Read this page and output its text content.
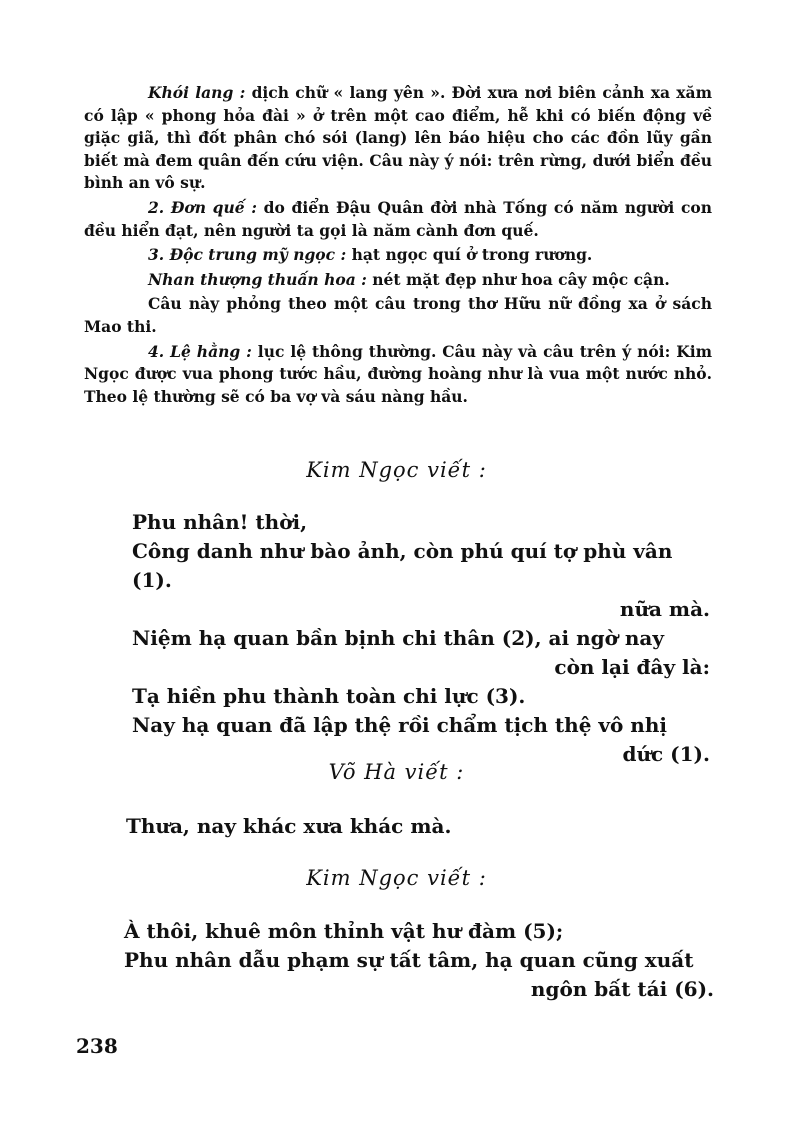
Khói lang : dịch chữ « lang yên ». Đời xưa nơi biên cảnh xa xăm có lập « phong hỏa đài » ở trên một cao điểm, hễ khi có biến động về giặc giã, thì đốt phân chó sói (lang) lên báo hiệu cho các đồn lũy gần biết mà đem quân đến cứu viện. Câu này ý nói: trên rừng, dưới biển đều bình an vô sự.

2. Đơn quế : do điển Đậu Quân đời nhà Tống có năm người con đều hiển đạt, nên người ta gọi là năm cành đơn quế.

3. Độc trung mỹ ngọc : hạt ngọc quí ở trong rương.

Nhan thượng thuấn hoa : nét mặt đẹp như hoa cây mộc cận.

Câu này phỏng theo một câu trong thơ Hữu nữ đồng xa ở sách Mao thi.

4. Lệ hằng : lục lệ thông thường. Câu này và câu trên ý nói: Kim Ngọc được vua phong tước hầu, đường hoàng như là vua một nước nhỏ. Theo lệ thường sẽ có ba vợ và sáu nàng hầu.

Kim Ngọc viết :

Phu nhân! thời,

Công danh như bào ảnh, còn phú quí tợ phù vân (1).

nữa mà.

Niệm hạ quan bần bịnh chi thân (2), ai ngờ nay

còn lại đây là:

Tạ hiền phu thành toàn chi lực (3).

Nay hạ quan đã lập thệ rồi chẩm tịch thệ vô nhị

dức (1).

Võ Hà viết :

Thưa, nay khác xưa khác mà.

Kim Ngọc viết :

À thôi, khuê môn thỉnh vật hư đàm (5);

Phu nhân dẫu phạm sự tất tâm, hạ quan cũng xuất

ngôn bất tái (6).

238
